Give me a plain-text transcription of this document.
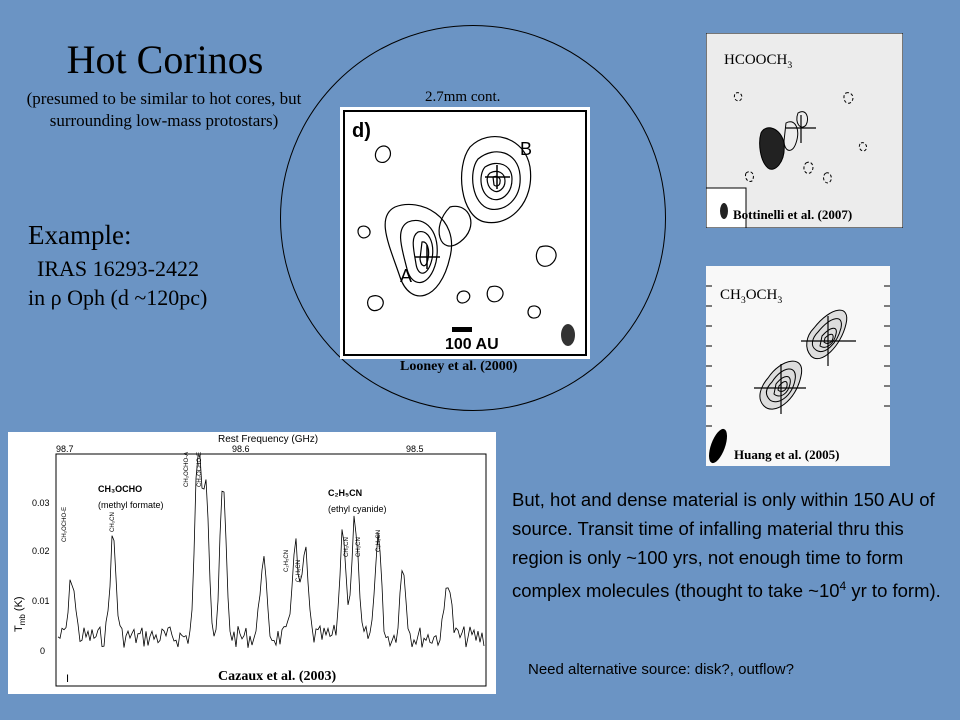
Hot Corinos
(presumed to be similar to hot cores, but surrounding low-mass protostars)
Example:
IRAS 16293-2422
in ρ Oph (d ~120pc)
2.7mm cont.
d)
B
A
100 AU
Looney et al. (2000)
$HCOOCH_3$
Bottinelli et al. (2007)
$CH_3OCH_3$
Huang et al. (2005)
Rest Frequency (GHz)
98.7	98.6	98.5
0.03
0.02
0.01
0
$T_{mb}$ (K)
CH₃OCHO
(methyl formate)
C₂H₅CN
(ethyl cyanide)
I
CH₃OCHO-E	CH₃CN
CH₃OCHO-A CH₃OCHO-E
C₂H₅CN C₂H₅CN
CH₃CN CH₃CN C₂H₅CN
Cazaux et al. (2003)
But, hot and dense material is only within 150 AU of source. Transit time of infalling material thru this region is only ~100 yrs, not enough time to form complex molecules (thought to take $\sim 10^4$ yr to form).
Need alternative source: disk?, outflow?
